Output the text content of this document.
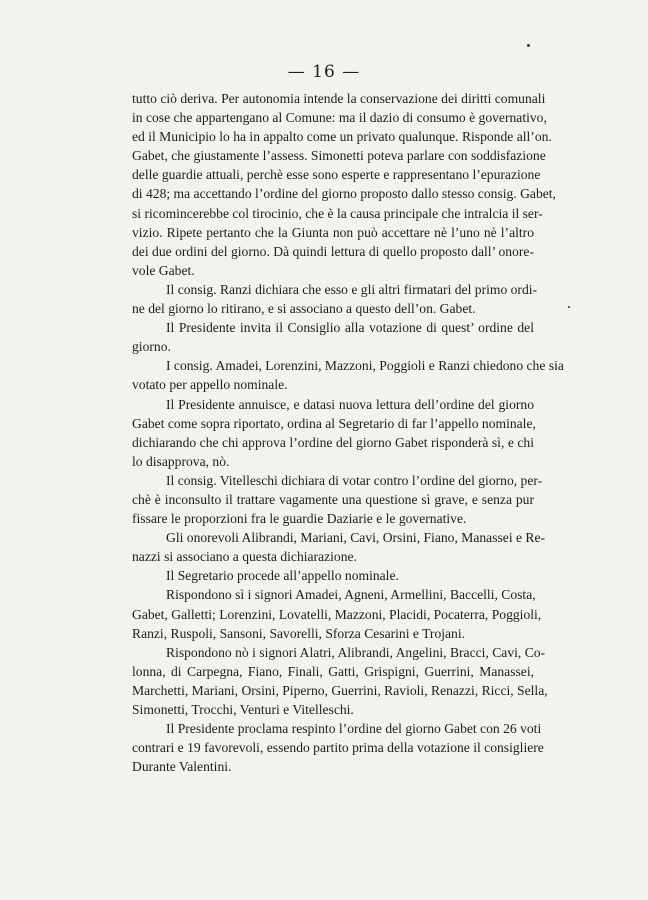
— 16 —
tutto ciò deriva. Per autonomia intende la conservazione dei diritti comunali
in cose che appartengano al Comune: ma il dazio di consumo è governativo,
ed il Municipio lo ha in appalto come un privato qualunque. Risponde all’on.
Gabet, che giustamente l’assess. Simonetti poteva parlare con soddisfazione
delle guardie attuali, perchè esse sono esperte e rappresentano l’epurazione
di 428; ma accettando l’ordine del giorno proposto dallo stesso consig. Gabet,
si ricomincerebbe col tirocinio, che è la causa principale che intralcia il ser-
vizio. Ripete pertanto che la Giunta non può accettare nè l’uno nè l’altro
dei due ordini del giorno. Dà quindi lettura di quello proposto dall’ onore-
vole Gabet.
Il consig. Ranzi dichiara che esso e gli altri firmatari del primo ordi-
ne del giorno lo ritirano, e si associano a questo dell’on. Gabet.
Il Presidente invita il Consiglio alla votazione di quest’ ordine del
giorno.
I consig. Amadei, Lorenzini, Mazzoni, Poggioli e Ranzi chiedono che sia
votato per appello nominale.
Il Presidente annuisce, e datasi nuova lettura dell’ordine del giorno
Gabet come sopra riportato, ordina al Segretario di far l’appello nominale,
dichiarando che chi approva l’ordine del giorno Gabet risponderà sì, e chi
lo disapprova, nò.
Il consig. Vitelleschi dichiara di votar contro l’ordine del giorno, per-
chè è inconsulto il trattare vagamente una questione sì grave, e senza pur
fissare le proporzioni fra le guardie Daziarie e le governative.
Gli onorevoli Alibrandi, Mariani, Cavi, Orsini, Fiano, Manassei e Re-
nazzi si associano a questa dichiarazione.
Il Segretario procede all’appello nominale.
Rispondono sì i signori Amadei, Agneni, Armellini, Baccelli, Costa,
Gabet, Galletti; Lorenzini, Lovatelli, Mazzoni, Placidi, Pocaterra, Poggioli,
Ranzi, Ruspoli, Sansoni, Savorelli, Sforza Cesarini e Trojani.
Rispondono nò i signori Alatri, Alibrandi, Angelini, Bracci, Cavi, Co-
lonna, di Carpegna, Fiano, Finali, Gatti, Grispigni, Guerrini, Manassei,
Marchetti, Mariani, Orsini, Piperno, Guerrini, Ravioli, Renazzi, Ricci, Sella,
Simonetti, Trocchi, Venturi e Vitelleschi.
Il Presidente proclama respinto l’ordine del giorno Gabet con 26 voti
contrari e 19 favorevoli, essendo partito prima della votazione il consigliere
Durante Valentini.
